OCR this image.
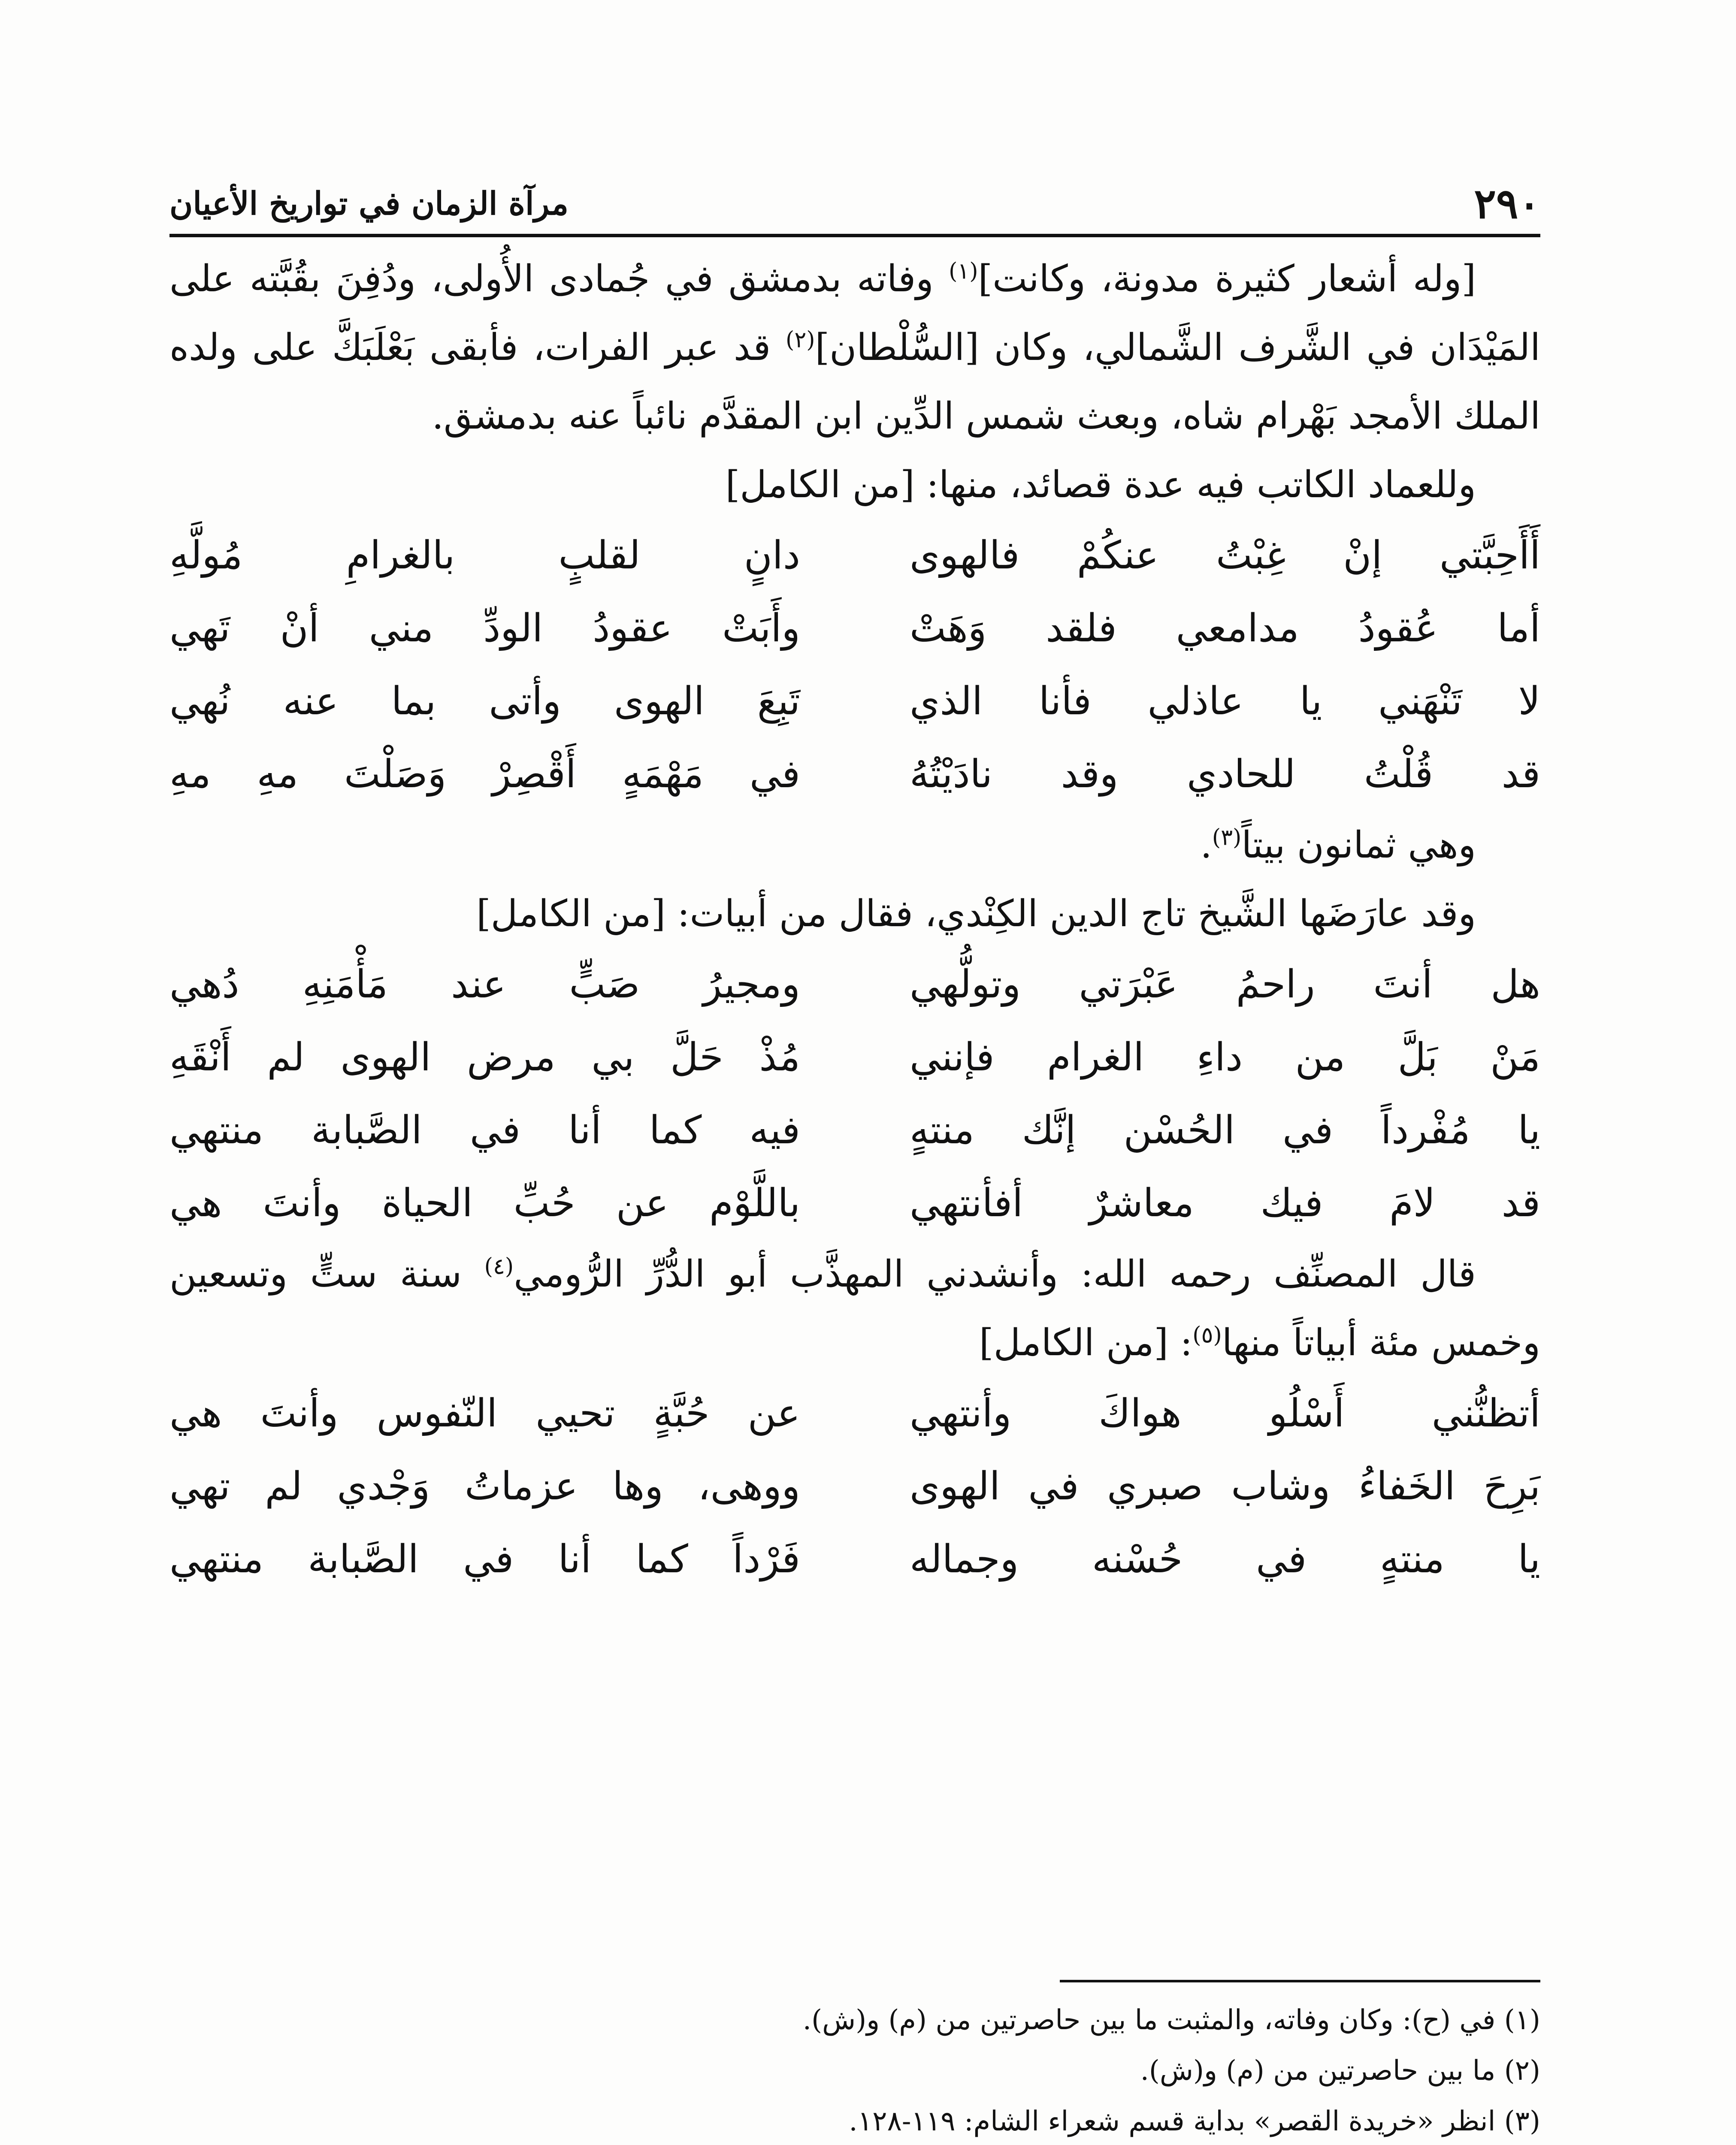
٢٩٠
مرآة الزمان في تواريخ الأعيان

[وله أشعار كثيرة مدونة، وكانت]$^{(١)}$ وفاته بدمشق في جُمادى الأُولى، ودُفِنَ بقُبَّته على المَيْدَان في الشَّرف الشَّمالي، وكان [السُّلْطان]$^{(٢)}$ قد عبر الفرات، فأبقى بَعْلَبَكَّ على ولده الملك الأمجد بَهْرام شاه، وبعث شمس الدِّين ابن المقدَّم نائباً عنه بدمشق.

وللعماد الكاتب فيه عدة قصائد، منها: [من الكامل]

أَأَحِبَّتي إنْ غِبْتُ عنكُمْ فالهوى
دانٍ لقلبٍ بالغرامِ مُولَّهِ
أما عُقودُ مدامعي فلقد وَهَتْ
وأَبَتْ عقودُ الودِّ مني أنْ تَهي
لا تَنْهَني يا عاذلي فأنا الذي
تَبِعَ الهوى وأتى بما عنه نُهي
قد قُلْتُ للحادي وقد نادَيْتُهُ
في مَهْمَهٍ أَقْصِرْ وَصَلْتَ مهِ مهِ

وهي ثمانون بيتاً$^{(٣)}$.

وقد عارَضَها الشَّيخ تاج الدين الكِنْدي، فقال من أبيات: [من الكامل]

هل أنتَ راحمُ عَبْرَتي وتولُّهي
ومجيرُ صَبٍّ عند مَأْمَنِهِ دُهي
مَنْ بَلَّ من داءِ الغرام فإنني
مُذْ حَلَّ بي مرض الهوى لم أَنْقَهِ
يا مُفْرداً في الحُسْن إنَّك منتهٍ
فيه كما أنا في الصَّبابة منتهي
قد لامَ فيك معاشرٌ أفأنتهي
باللَّوْم عن حُبِّ الحياة وأنتَ هي

قال المصنِّف رحمه الله: وأنشدني المهذَّب أبو الدُّرِّ الرُّومي$^{(٤)}$ سنة ستٍّ وتسعين وخمس مئة أبياتاً منها$^{(٥)}$: [من الكامل]

أتظنُّني أَسْلُو هواكَ وأنتهي
عن حُبَّةٍ تحيي النّفوس وأنتَ هي
بَرِحَ الخَفاءُ وشاب صبري في الهوى
ووهى، وها عزماتُ وَجْدي لم تهي
يا منتهٍ في حُسْنه وجماله
فَرْداً كما أنا في الصَّبابة منتهي

(١) في (ح): وكان وفاته، والمثبت ما بين حاصرتين من (م) و(ش).

(٢) ما بين حاصرتين من (م) و(ش).

(٣) انظر «خريدة القصر» بداية قسم شعراء الشام: ١١٩-١٢٨.
